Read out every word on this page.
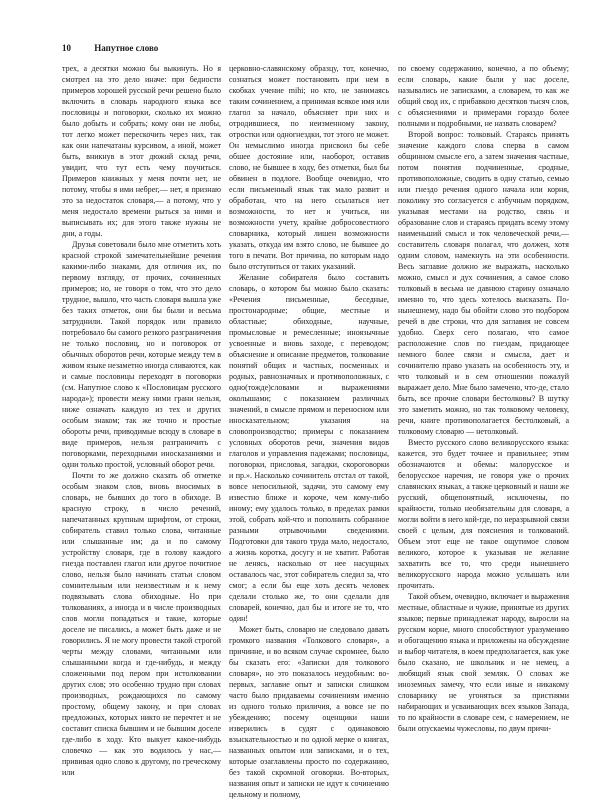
10	Напутное слово

трех, а десятки можно бы выкинуть. Но я смотрел на это дело иначе: при бедности примеров хорошей русской речи решено было включить в словарь народного языка все пословицы и поговорки, сколько их можно было добыть и собрать; кому они не любы, тот легко может перескочить через них, так как они напечатаны курсивом, а иной, может быть, вникнув в этот дюжий склад речи, увидит, что тут есть чему поучиться. Примеров книжных у меня почти нет, не потому, чтобы я ими небрег,— нет, я признаю это за недостаток словаря,— а потому, что у меня недостало времени рыться за ними и выписывать их; для этого также нужны не дни, а годы.

Друзья советовали было мне отметить хоть красной строкой замечательнейшие речения какими-либо знаками, для отличия их, по первому взгляду, от прочих, сочиненных примеров; но, не говоря о том, что это дело трудное, вышло, что часть словаря вышла уже без таких отметок, они бы были и весьма затруднили. Такой порядок или правило потребовало бы самого резкого разграничения не только пословиц, но и поговорок от обычных оборотов речи, которые между тем в живом языке незаметно иногда сливаются, как и самые пословицы переходят в поговорки (см. Напутное слово к «Пословицам русского народа»); провести межу ними грани нельзя, ниже означать каждую из тех и других особым знаком; так же точно и простые обороты речи, приводимые всюду в словаре в виде примеров, нельзя разграничить с поговорками, переходными иносказаниями и одни только простой, условный оборот речи.

Почти то же должно сказать об отметке особым знаком слов, вновь вносимых в словарь, не бывших до того в обиходе. В красную строку, в число речений, напечатанных крупным шрифтом, от строки, собиратель ставил только слова, читанные или слышанные им; да и по самому устройству словаря, где в голову каждого гнезда поставлен глагол или другое почитное слово, нельзя было начинать статьи словом сомнительным или неизвестным и к нему подвязывать слова обиходные. Но при толкованиях, а иногда и в числе производных слов могли попадаться и такие, которые доселе не писались, а может быть даже и не говорились. Я не могу провести такой строгой черты между словами, читанными или слышанными когда и где-нибудь, и между сложенными под пером при истолковании других слов; это особенно трудно при словах производных, рождающихся по самому простому, общему закону, и при словах предложных, которых никто не перечтет и не составит списка бывшим и не бывшим доселе где-либо в ходу. Кто выкует какое-нибудь словечко — как это водилось у нас,— прививая одно слово к другому, по греческому или

церковно-славянскому образцу, тот, конечно, сознаться может постановить при нем в скобках учение mihi; но кто, не занимаясь таким сочинением, а принимая всякое имя или глагол за начало, объясняет при них и отродившиеся, по неизменному закону, отростки или одногнездки, тот этого не может. Он немыслимо иногда присвоил бы себе обшее достояние или, наоборот, оставив слово, не бывшее в ходу, без отметки, был бы обвинен в подлоге. Вообще очевидно, что если письменный язык так мало развит и обработан, что на него ссылаться нет возможности, то нет и учиться, ни возможности учету, крайне добросовестного словарника, который лишен возможности указать, откуда им взято слово, не бывшее до того в печати. Вот причина, по которым надо было отступиться от таких указаний.

Желание собирателя было составить словарь, о котором бы можно было сказать: «Речения письменные, беседные, простонародные; общие, местные и областные; обиходные, научные, промысловые и ремесленные; иноязычные усвоенные и вновь заходе, с переводом; объяснение и описание предметов, толкование понятий общих и частных, посменных и родных, равнозначных и противоположных, с одно(тожде)словами и выражениями околышами; с показанием различных значений, в смысле прямом и переносном или иносказательном; указания на словопроизводство; примеры с показанием условных оборотов речи, значения видов глаголов и управления падежами; пословицы, поговорки, присловья, загадки, скороговорки и пр.». Насколько сочинитель отстал от такой, вовсе непосильной, задачи, это самому ему известно ближе и короче, чем кому-либо иному; ему удалось только, в пределах рамки этой, собрать кой-что и пополнить собранное разными отрывочными сведениями. Подготовки для такого труда мало, недостало, а жизнь коротка, досугу и не хватит. Работая не ленясь, насколько от нее насущных оставалось час, этот собиратель следил за, что смог; а если бы еще хоть десять человек сделали столько же, то они сделали для словарей, конечно, дал бы и итоге не то, что один!

Может быть, словарю не следовало давать громкого названия «Толкового словаря», а причинне, и во всяком случае скромнее, было бы сказать его: «Записки для толкового словаря», но это показалось неудобным: во-первых, заглавие опыт и записки слишком часто было придаваемы сочинениям именно из одного только приличия, а вовсе не по убеждению; посему оценщики наши изверились в судят с одинаковою взыскательностью и по одной мерке о книгах, названных опытом или записками, и о тех, которые озаглавлены просто по содержанию, без такой скромной оговорки. Во-вторых, названия опыт и записки не идут к сочинению цельному и полному,

по своему содержанию, конечно, а по объему; если словарь, какие были у нас доселе, назывались не записками, а словарем, то как же общий свод их, с прибавкою десятков тысяч слов, с объяснениями и примерами гораздо более полными и подробными, не назвать словарем?

Второй вопрос: толковый. Стараясь принять значение каждого слова сперва в самом общинном смысле его, а затем значения частные, потом понятия подчиненные, сродные, противоположные, сводить в одну статью, семью или гнездо речения одного начала или корня, поколику это согласуется с азбучным порядком, указывая местами на родство, связь и образование слов и стараясь придать всему этому наименьший смысл и ток человеческой речи,— составитель словаря полагал, что должен, хотя одним словом, намекнуть на эти особенности. Весь заглавие должно же выражать, насколько можно, смысл и дух сочинения, а самое слово толковый в весьма не давнюю старину означало именно то, что здесь хотелось высказать. По-нынешнему, надо бы обойти слово это подбором речей в две строки, что для заглавия не совсем удобно. Сверх сего полагаю, что самое расположение слов по гнездам, придающее немного более связи и смысла, дает и сочинителю право указать на особенность эту, и что толковый и в сем отношении пожалуй выражает дело. Мне было замечено, что-де, стало быть, все прочие словари бестолковы? В шутку это заметить можно, но так толковому человеку, речи, книге противополагается бестолковый, а толковому словарю — нетолковый.

Вместо русского слово великорусского языка: кажется, это будет точнее и правильнее; этим обозначаются и обемы: малорусское и белорусское наречия, не говоря уже о прочих славянских языках, а также церковный и наши же русский, общепонятный, исключены, по крайности, только необязательны для словаря, а могли войти в него кой-где, по неразрывной связи своей с целым, для пояснения и толкований. Объем этот еще не такое ощутимое словом великого, которое к указывая не желание захватить все то, что среди нынешнего великорусского народа можно услышать или прочитать.

Такой объем, очевидно, включает и выражения местные, областные и чужие, принятые из других языков; первые принадлежат народу, выросли на русском корне, много способствуют уразумению и обогащению языка и приложены на обсуждение и выбор читателя, в коем предполагается, как уже было сказано, не школьник и не немец, а любящий язык свой земляк. О словах же иноземных замечу, что если иные и никакому словарнику не угоняться за пристнями набирающих и усваивающих всех языков Запада, то по крайности в словаре сем, с намерением, не были опускаемы чужесловы, по двум причи-
